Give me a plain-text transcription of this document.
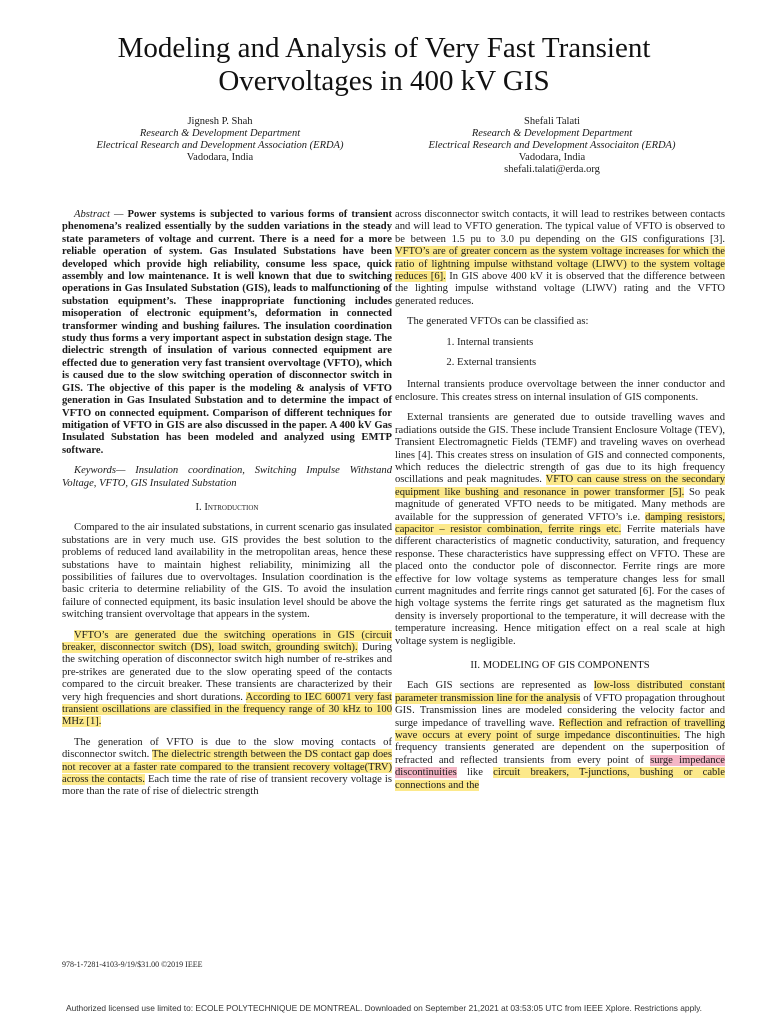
Modeling and Analysis of Very Fast Transient Overvoltages in 400 kV GIS
Jignesh P. Shah
Research & Development Department
Electrical Research and Development Association (ERDA)
Vadodara, India
Shefali Talati
Research & Development Department
Electrical Research and Development Associaiton (ERDA)
Vadodara, India
shefali.talati@erda.org

Abstract — Power systems is subjected to various forms of transient phenomena’s realized essentially by the sudden variations in the steady state parameters of voltage and current. There is a need for a more reliable operation of system. Gas Insulated Substations have been developed which provide high reliability, consume less space, quick assembly and low maintenance. It is well known that due to switching operations in Gas Insulated Substation (GIS), leads to malfunctioning of substation equipment’s. These inappropriate functioning includes misoperation of electronic equipment’s, deformation in connected transformer winding and bushing failures. The insulation coordination study thus forms a very important aspect in substation design stage. The dielectric strength of insulation of various connected equipment are effected due to generation very fast transient overvoltage (VFTO), which is caused due to the slow switching operation of disconnector switch in GIS. The objective of this paper is the modeling & analysis of VFTO generation in Gas Insulated Substation and to determine the impact of VFTO on connected equipment. Comparison of different techniques for mitigation of VFTO in GIS are also discussed in the paper. A 400 kV Gas Insulated Substation has been modeled and analyzed using EMTP software.

Keywords— Insulation coordination, Switching Impulse Withstand Voltage, VFTO, GIS Insulated Substation

I. Introduction

Compared to the air insulated substations, in current scenario gas insulated substations are in very much use. GIS provides the best solution to the problems of reduced land availability in the metropolitan areas, hence these substations have to maintain highest reliability, minimizing all the possibilities of failures due to overvoltages. Insulation coordination is the basic criteria to determine reliability of the GIS. To avoid the insulation failure of connected equipment, its basic insulation level should be above the switching transient overvoltage that appears in the system.

VFTO’s are generated due the switching operations in GIS (circuit breaker, disconnector switch (DS), load switch, grounding switch). During the switching operation of disconnector switch high number of re-strikes and pre-strikes are generated due to the slow operating speed of the contacts compared to the circuit breaker. These transients are characterized by their very high frequencies and short durations. According to IEC 60071 very fast transient oscillations are classified in the frequency range of 30 kHz to 100 MHz [1].

The generation of VFTO is due to the slow moving contacts of disconnector switch. The dielectric strength between the DS contact gap does not recover at a faster rate compared to the transient recovery voltage(TRV) across the contacts. Each time the rate of rise of transient recovery voltage is more than the rate of rise of dielectric strength

across disconnector switch contacts, it will lead to restrikes between contacts and will lead to VFTO generation. The typical value of VFTO is observed to be between 1.5 pu to 3.0 pu depending on the GIS configurations [3]. VFTO’s are of greater concern as the system voltage increases for which the ratio of lightning impulse withstand voltage (LIWV) to the system voltage reduces [6]. In GIS above 400 kV it is observed that the difference between the lighting impulse withstand voltage (LIWV) rating and the VFTO generated reduces.

The generated VFTOs can be classified as:

1. Internal transients
2. External transients

Internal transients produce overvoltage between the inner conductor and enclosure. This creates stress on internal insulation of GIS components.

External transients are generated due to outside travelling waves and radiations outside the GIS. These include Transient Enclosure Voltage (TEV), Transient Electromagnetic Fields (TEMF) and traveling waves on overhead lines [4]. This creates stress on insulation of GIS and connected components, which reduces the dielectric strength of gas due to its high frequency oscillations and peak magnitudes. VFTO can cause stress on the secondary equipment like bushing and resonance in power transformer [5]. So peak magnitude of generated VFTO needs to be mitigated. Many methods are available for the suppression of generated VFTO’s i.e. damping resistors, capacitor – resistor combination, ferrite rings etc. Ferrite materials have different characteristics of magnetic conductivity, saturation, and frequency response. These characteristics have suppressing effect on VFTO. These are placed onto the conductor pole of disconnector. Ferrite rings are more effective for low voltage systems as temperature changes less for small current magnitudes and ferrite rings cannot get saturated [6]. For the cases of high voltage systems the ferrite rings get saturated as the magnetism flux density is inversely proportional to the temperature, it will decrease with the temperature increasing. Hence mitigation effect on a real scale at high voltage system is negligible.

II. MODELING OF GIS COMPONENTS

Each GIS sections are represented as low-loss distributed constant parameter transmission line for the analysis of VFTO propagation throughout GIS. Transmission lines are modeled considering the velocity factor and surge impedance of travelling wave. Reflection and refraction of travelling wave occurs at every point of surge impedance discontinuities. The high frequency transients generated are dependent on the superposition of refracted and reflected transients from every point of surge impedance discontinuities like circuit breakers, T-junctions, bushing or cable connections and the

978-1-7281-4103-9/19/$31.00 ©2019 IEEE
Authorized licensed use limited to: ECOLE POLYTECHNIQUE DE MONTREAL. Downloaded on September 21,2021 at 03:53:05 UTC from IEEE Xplore. Restrictions apply.
